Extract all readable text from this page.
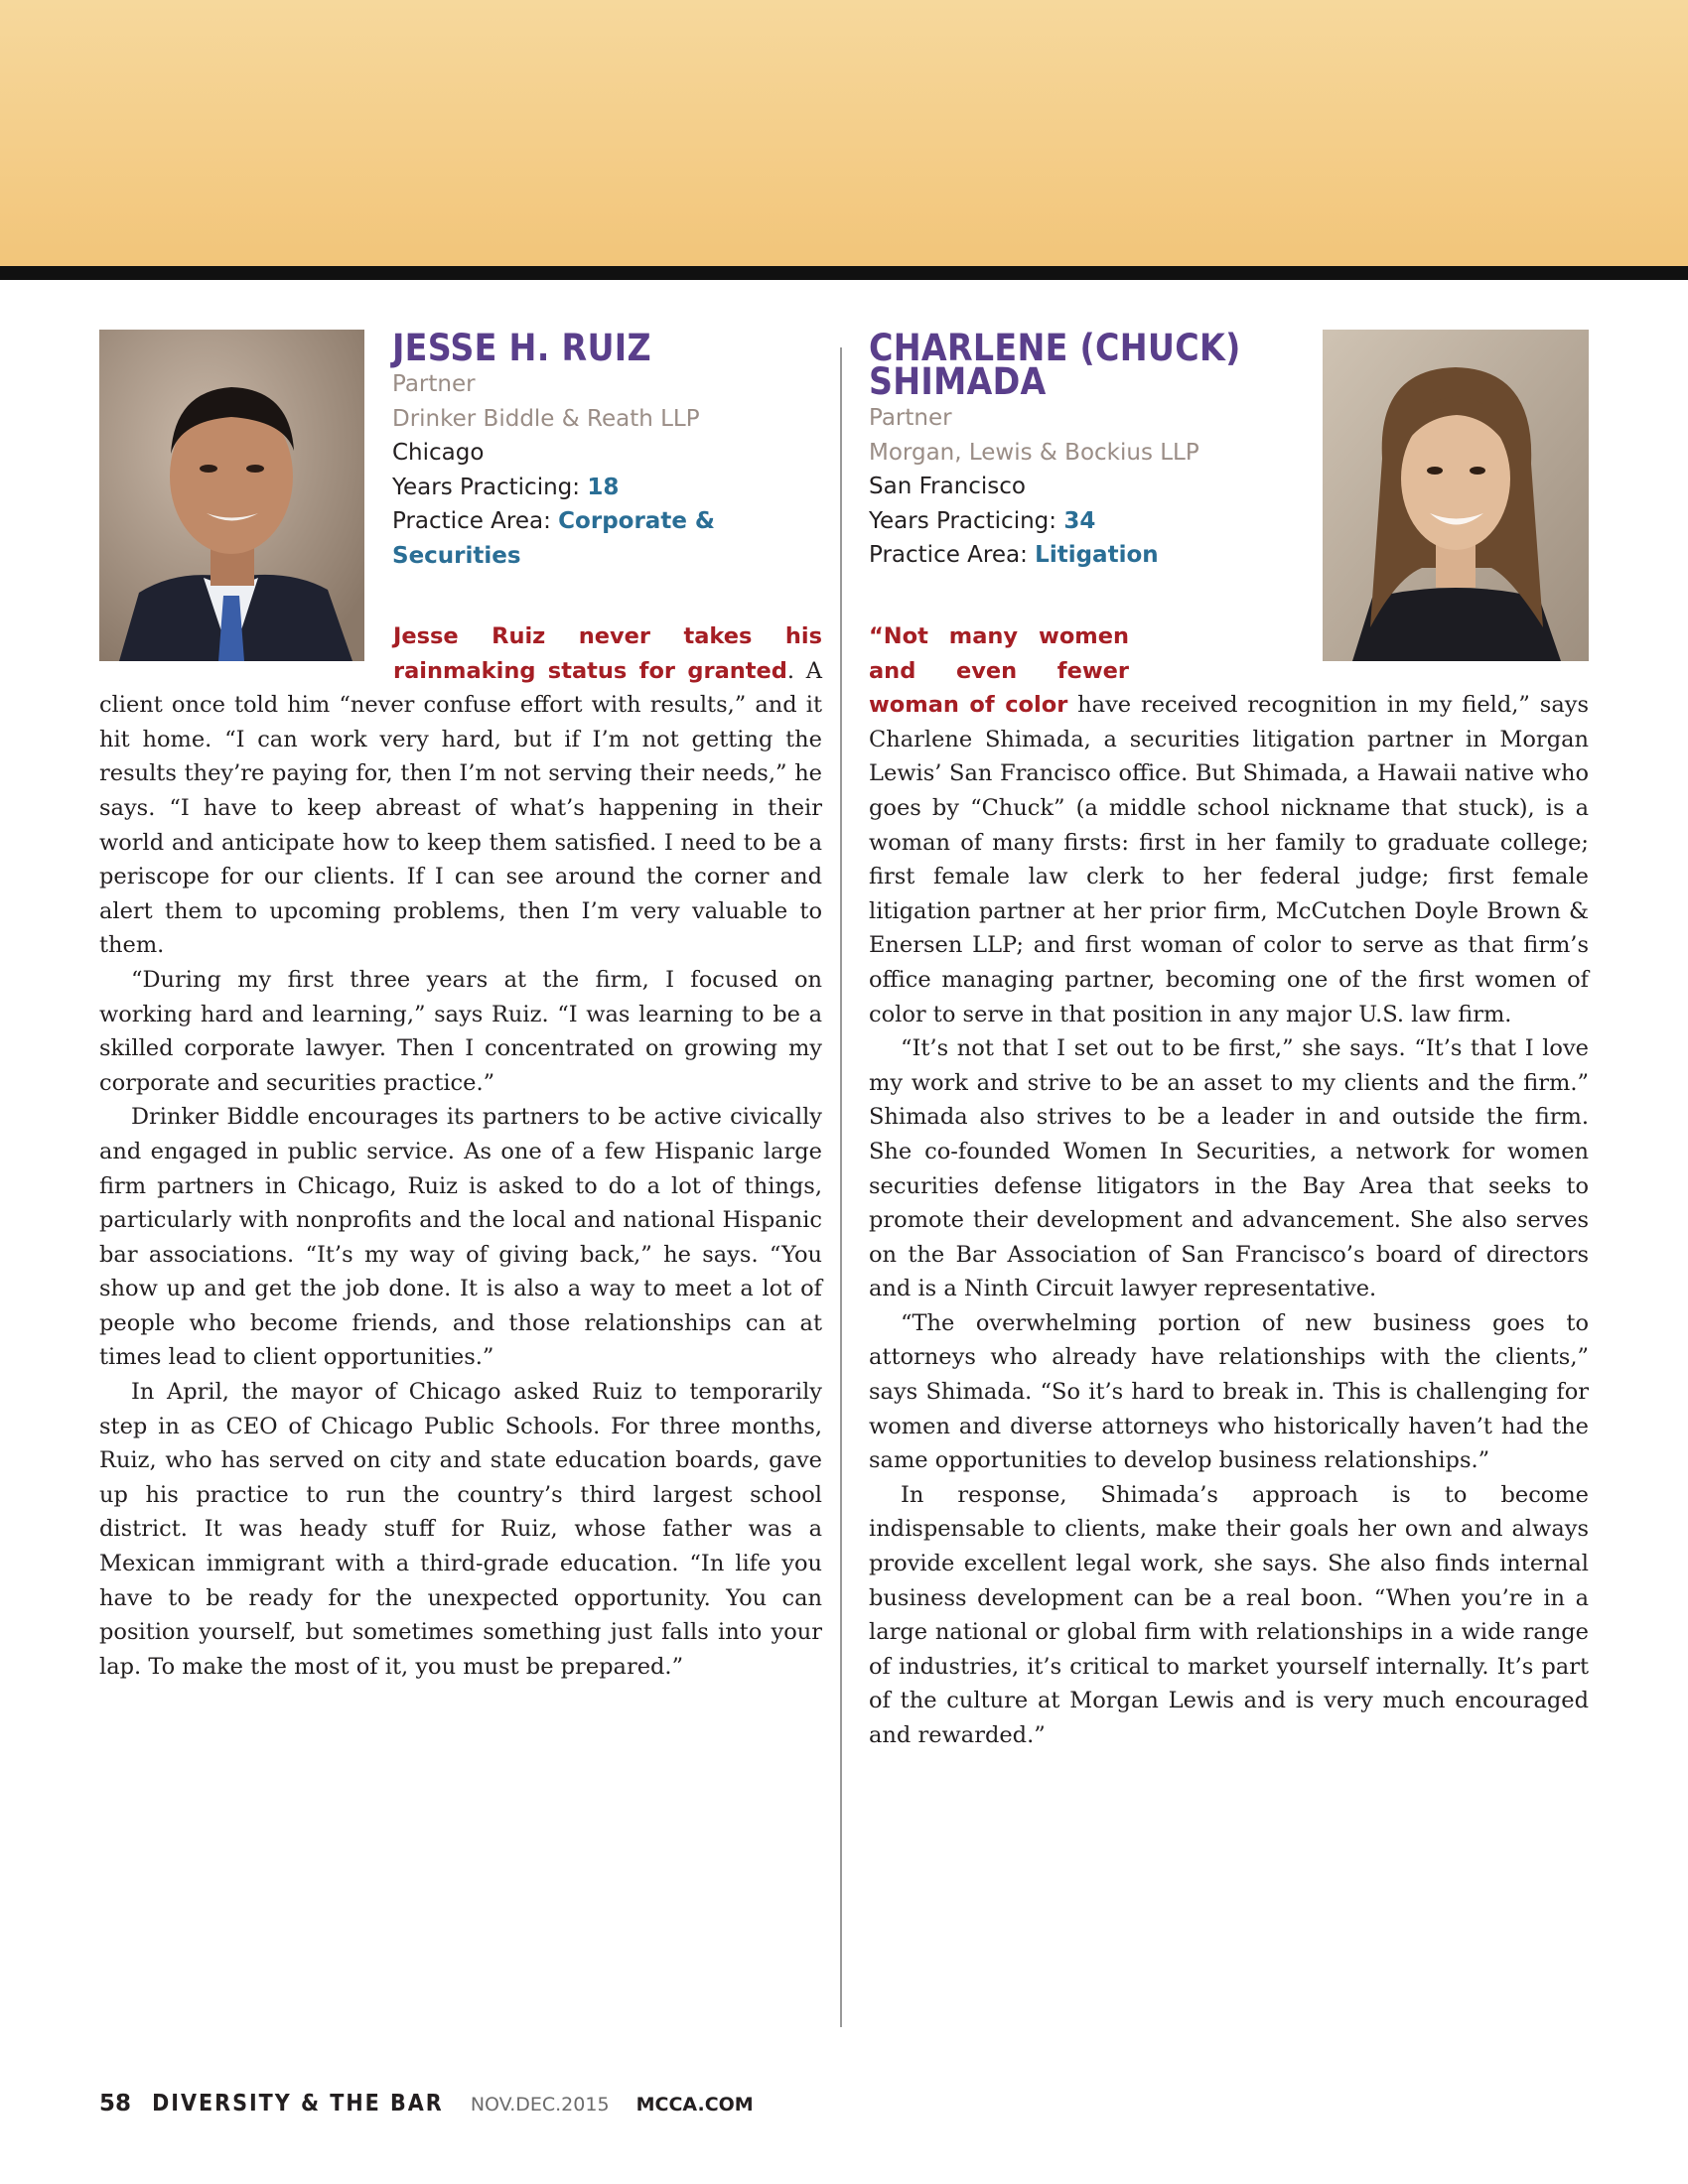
JESSE H. RUIZ
Partner
Drinker Biddle & Reath LLP
Chicago
Years Practicing: 18
Practice Area: Corporate & Securities
CHARLENE (CHUCK)
SHIMADA
Partner
Morgan, Lewis & Bockius LLP
San Francisco
Years Practicing: 34
Practice Area: Litigation

Jesse Ruiz never takes his rainmaking status for granted. A client once told him “never confuse effort with results,” and it hit home. “I can work very hard, but if I’m not getting the results they’re paying for, then I’m not serving their needs,” he says. “I have to keep abreast of what’s happening in their world and anticipate how to keep them satisfied. I need to be a periscope for our clients. If I can see around the corner and alert them to upcoming problems, then I’m very valuable to them.

“During my first three years at the firm, I focused on working hard and learning,” says Ruiz. “I was learning to be a skilled corporate lawyer. Then I concentrated on growing my corporate and securities practice.”

Drinker Biddle encourages its partners to be active civically and engaged in public service. As one of a few Hispanic large firm partners in Chicago, Ruiz is asked to do a lot of things, particularly with nonprofits and the local and national Hispanic bar associations. “It’s my way of giving back,” he says. “You show up and get the job done. It is also a way to meet a lot of people who become friends, and those relationships can at times lead to client opportunities.”

In April, the mayor of Chicago asked Ruiz to temporarily step in as CEO of Chicago Public Schools. For three months, Ruiz, who has served on city and state education boards, gave up his practice to run the country’s third largest school district. It was heady stuff for Ruiz, whose father was a Mexican immigrant with a third-grade education. “In life you have to be ready for the unexpected opportunity. You can position yourself, but sometimes something just falls into your lap. To make the most of it, you must be prepared.”

“Not many women and even fewer woman of color have received recognition in my field,” says Charlene Shimada, a securities litigation partner in Morgan Lewis’ San Francisco office. But Shimada, a Hawaii native who goes by “Chuck” (a middle school nickname that stuck), is a woman of many firsts: first in her family to graduate college; first female law clerk to her federal judge; first female litigation partner at her prior firm, McCutchen Doyle Brown & Enersen LLP; and first woman of color to serve as that firm’s office managing partner, becoming one of the first women of color to serve in that position in any major U.S. law firm.

“It’s not that I set out to be first,” she says. “It’s that I love my work and strive to be an asset to my clients and the firm.” Shimada also strives to be a leader in and outside the firm. She co-founded Women In Securities, a network for women securities defense litigators in the Bay Area that seeks to promote their development and advancement. She also serves on the Bar Association of San Francisco’s board of directors and is a Ninth Circuit lawyer representative.

“The overwhelming portion of new business goes to attorneys who already have relationships with the clients,” says Shimada. “So it’s hard to break in. This is challenging for women and diverse attorneys who historically haven’t had the same opportunities to develop business relationships.”

In response, Shimada’s approach is to become indispensable to clients, make their goals her own and always provide excellent legal work, she says. She also finds internal business development can be a real boon. “When you’re in a large national or global firm with relationships in a wide range of industries, it’s critical to market yourself internally. It’s part of the culture at Morgan Lewis and is very much encouraged and rewarded.”

58 DIVERSITY & THE BAR NOV.DEC.2015 MCCA.COM
